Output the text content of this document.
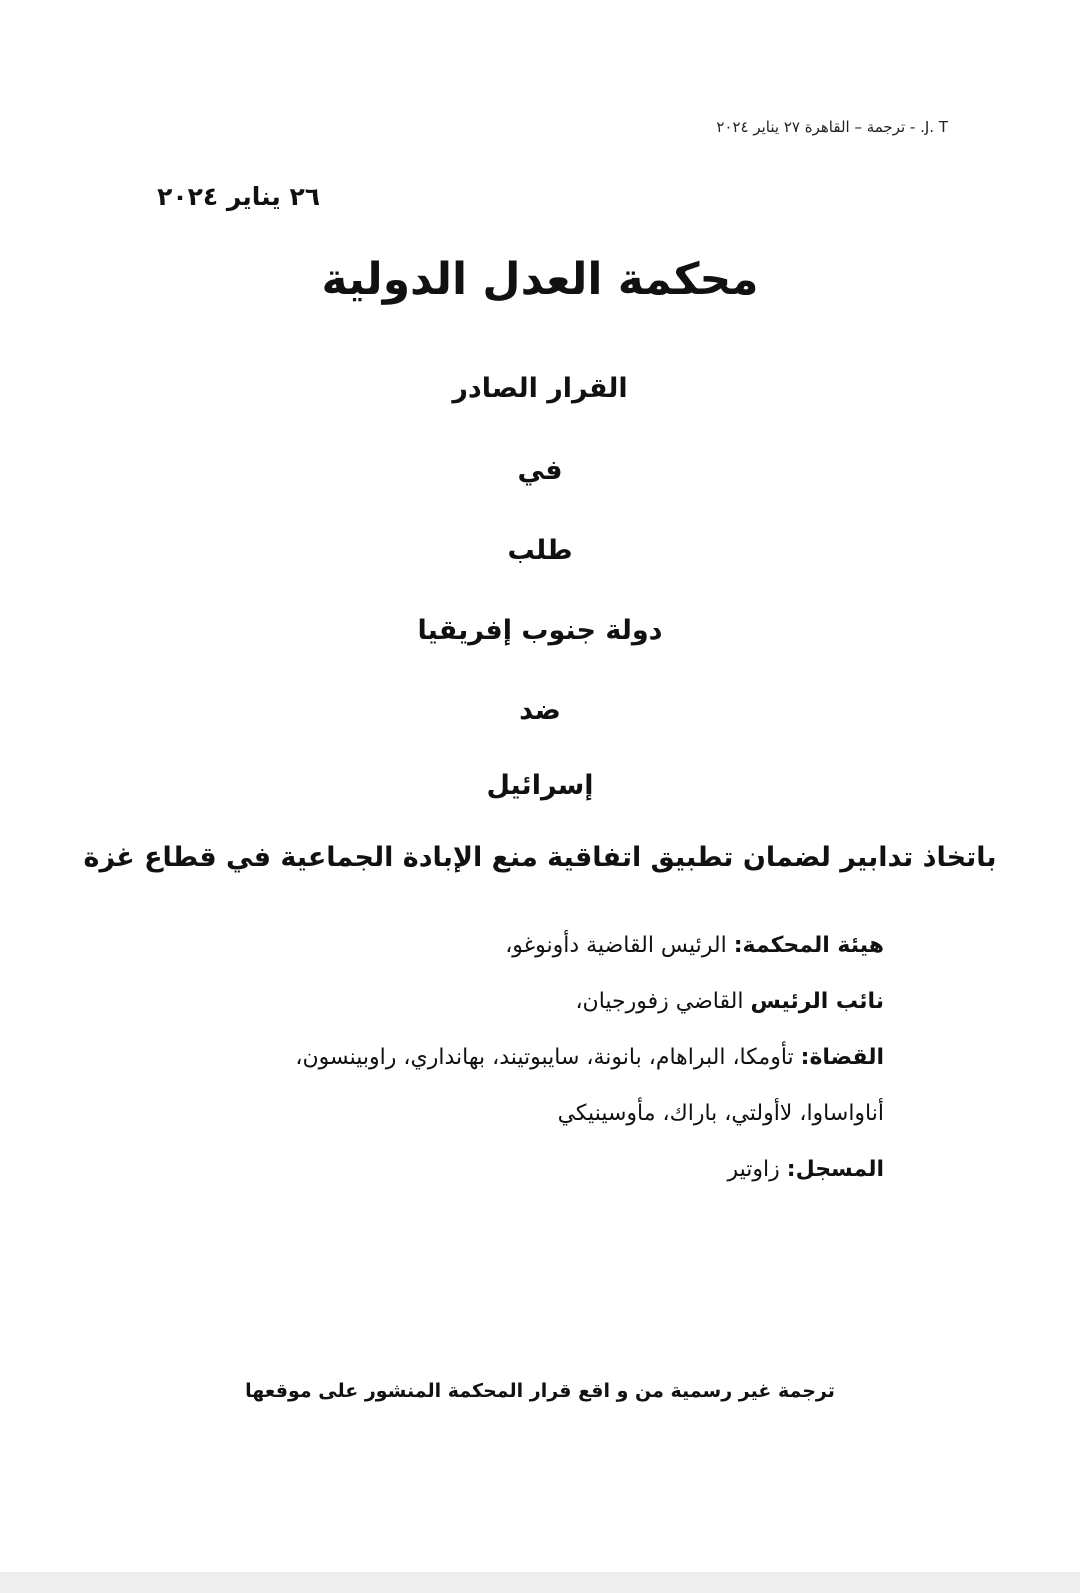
J. T. - ترجمة – القاهرة ٢٧ يناير ٢٠٢٤
٢٦ يناير ٢٠٢٤
محكمة العدل الدولية
القرار الصادر
في
طلب
دولة جنوب إفريقيا
ضد
إسرائيل
باتخاذ تدابير لضمان تطبيق اتفاقية منع الإبادة الجماعية في قطاع غزة
هيئة المحكمة: الرئيس القاضية دأونوغو،
نائب الرئيس القاضي زفورجيان،
القضاة: تأومكا، البراهام، بانونة، سايبوتيند، بهانداري، راوبينسون،
أناواساوا، لاأولتي، باراك، مأوسينيكي
المسجل: زاوتير
ترجمة غير رسمية من و اقع قرار المحكمة المنشور على موقعها
